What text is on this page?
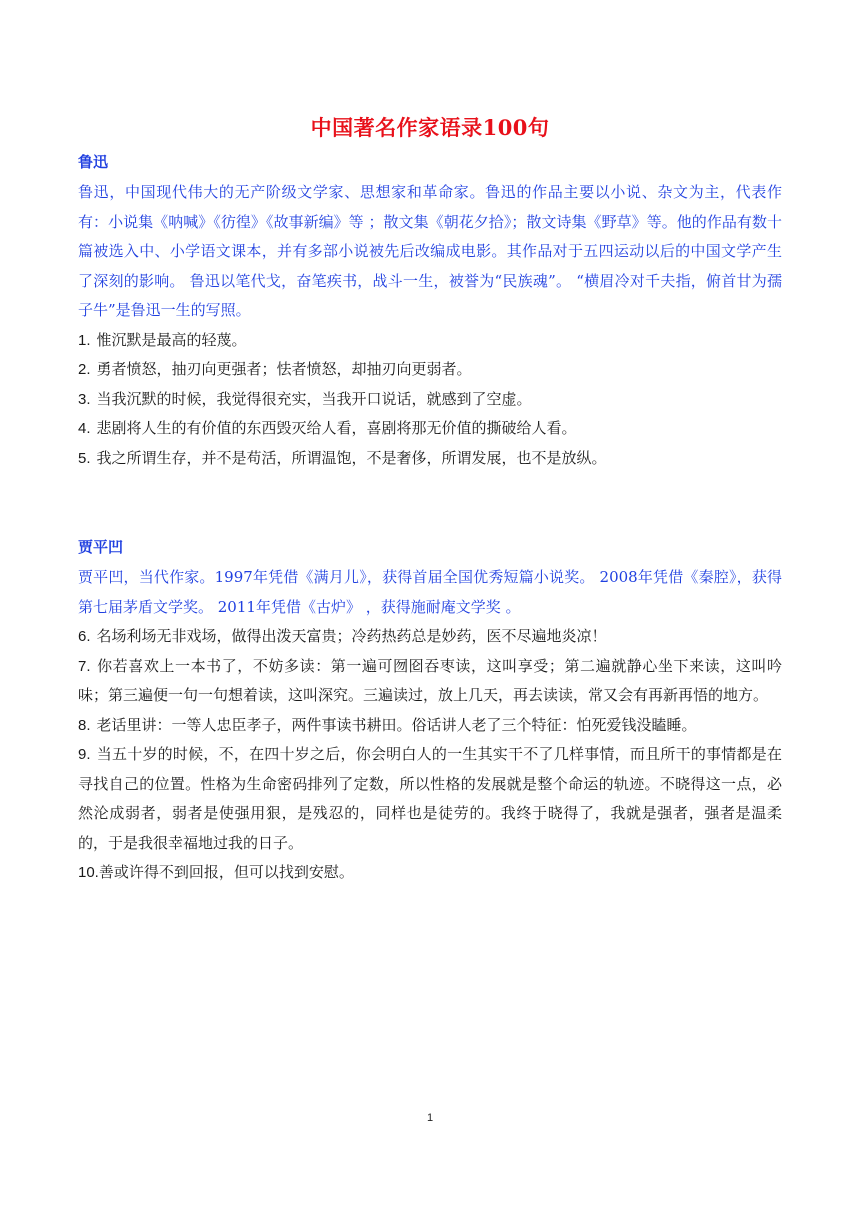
中国著名作家语录100句
鲁迅

鲁迅，中国现代伟大的无产阶级文学家、思想家和革命家。鲁迅的作品主要以小说、杂文为主，代表作有：小说集《呐喊》《彷徨》《故事新编》等 ；散文集《朝花夕拾》；散文诗集《野草》等。他的作品有数十篇被选入中、小学语文课本，并有多部小说被先后改编成电影。其作品对于五四运动以后的中国文学产生了深刻的影响。 鲁迅以笔代戈，奋笔疾书，战斗一生，被誉为“民族魂”。 “横眉冷对千夫指，俯首甘为孺子牛”是鲁迅一生的写照。

1. 惟沉默是最高的轻蔑。

2. 勇者愤怒，抽刃向更强者；怯者愤怒，却抽刃向更弱者。

3. 当我沉默的时候，我觉得很充实，当我开口说话，就感到了空虚。

4. 悲剧将人生的有价值的东西毁灭给人看，喜剧将那无价值的撕破给人看。

5. 我之所谓生存，并不是苟活，所谓温饱，不是奢侈，所谓发展，也不是放纵。

贾平凹

贾平凹，当代作家。1997年凭借《满月儿》，获得首届全国优秀短篇小说奖。 2008年凭借《秦腔》，获得第七届茅盾文学奖。 2011年凭借《古炉》 ，获得施耐庵文学奖 。

6. 名场利场无非戏场，做得出泼天富贵；冷药热药总是妙药，医不尽遍地炎凉！

7. 你若喜欢上一本书了，不妨多读：第一遍可囫囵吞枣读，这叫享受；第二遍就静心坐下来读，这叫吟味；第三遍便一句一句想着读，这叫深究。三遍读过，放上几天，再去读读，常又会有再新再悟的地方。

8. 老话里讲：一等人忠臣孝子，两件事读书耕田。俗话讲人老了三个特征：怕死爱钱没瞌睡。

9. 当五十岁的时候，不，在四十岁之后，你会明白人的一生其实干不了几样事情，而且所干的事情都是在寻找自己的位置。性格为生命密码排列了定数，所以性格的发展就是整个命运的轨迹。不晓得这一点，必然沦成弱者，弱者是使强用狠，是残忍的，同样也是徒劳的。我终于晓得了，我就是强者，强者是温柔的，于是我很幸福地过我的日子。

10.善或许得不到回报，但可以找到安慰。

1
